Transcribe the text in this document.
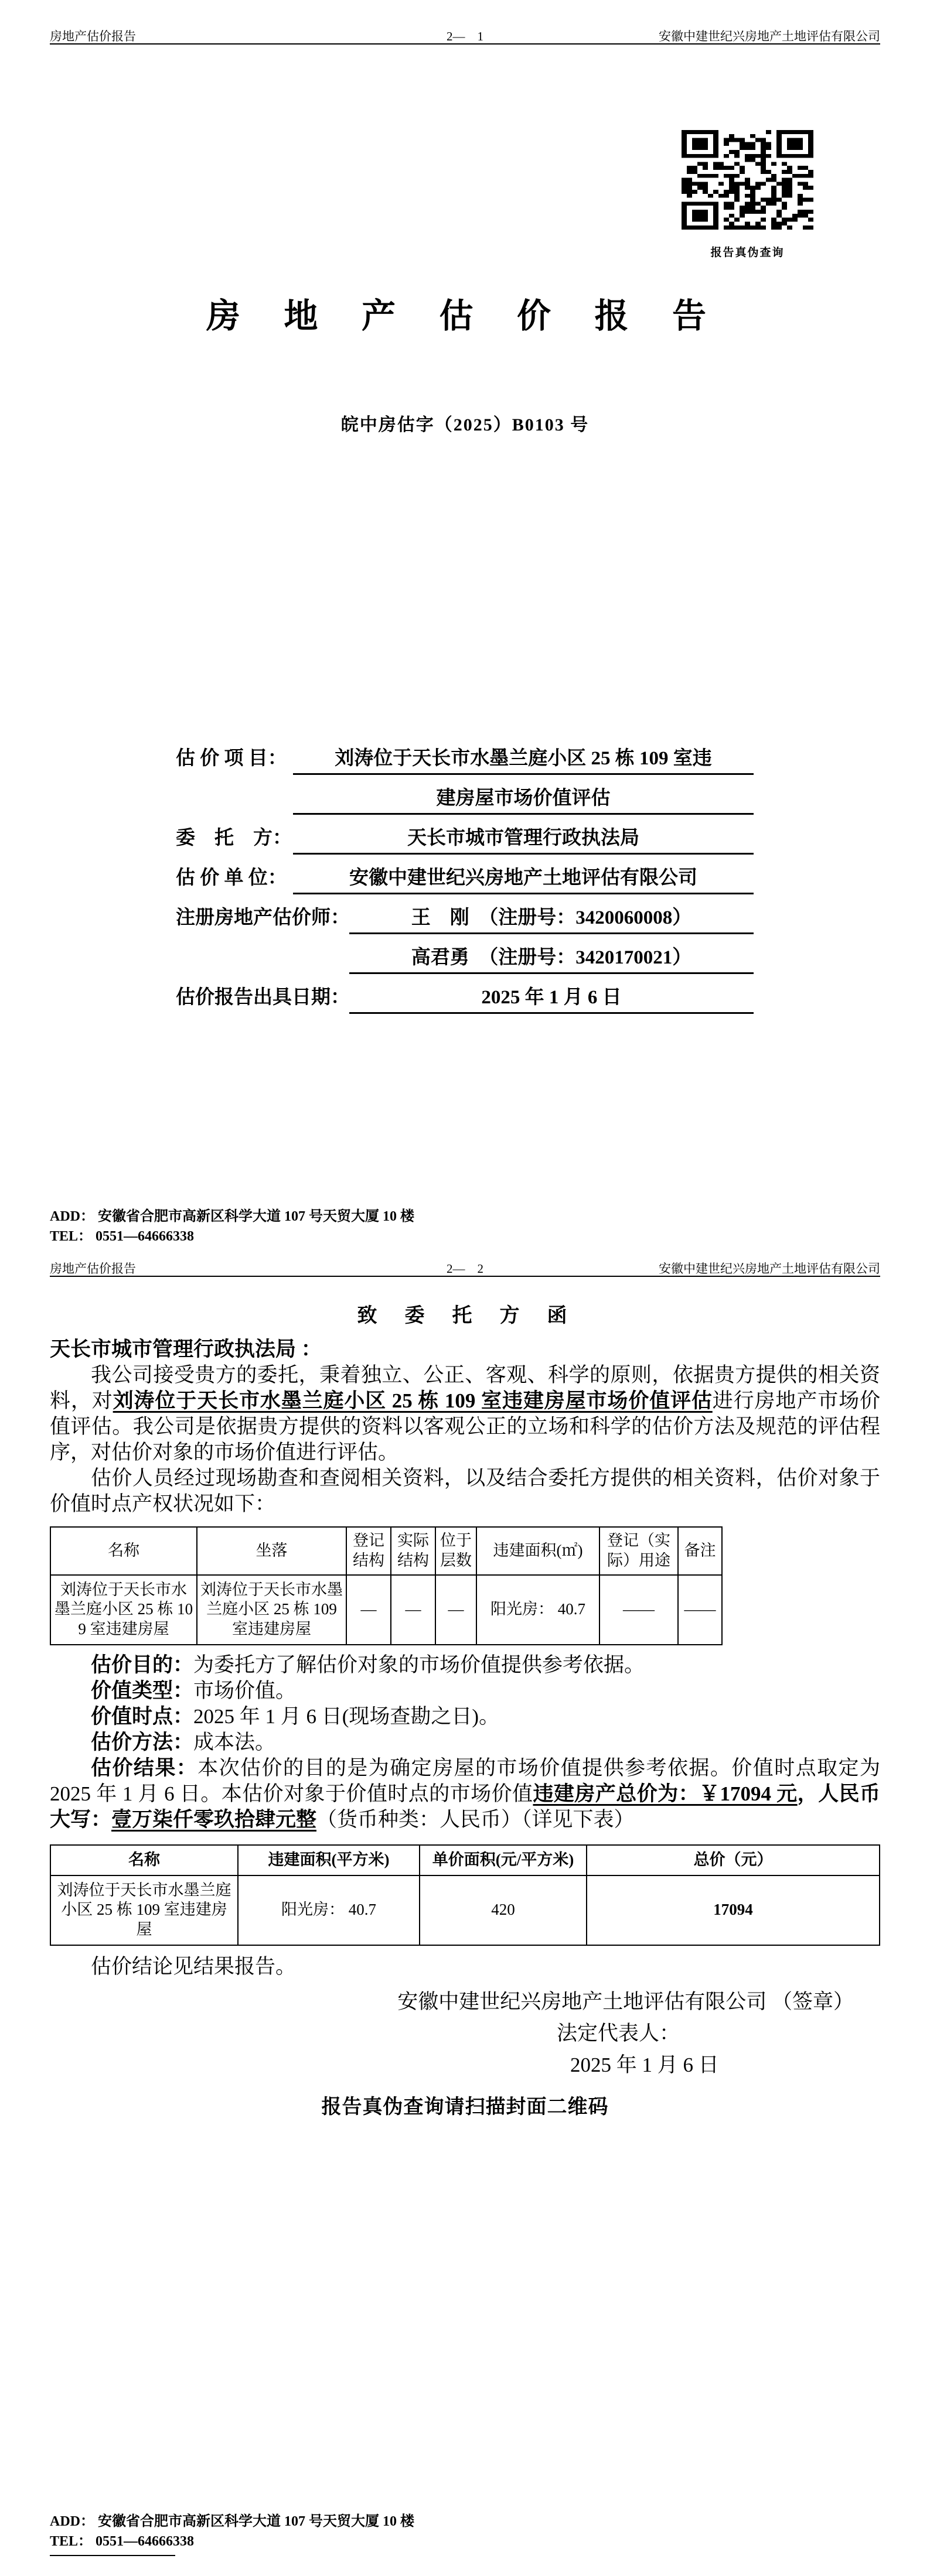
房地产估价报告	2—    1	安徽中建世纪兴房地产土地评估有限公司
报告真伪查询
房 地 产 估 价 报 告
皖中房估字（2025）B0103 号
估 价 项 目：	刘涛位于天长市水墨兰庭小区 25 栋 109 室违
建房屋市场价值评估
委　托　方：	天长市城市管理行政执法局
估 价 单 位：	安徽中建世纪兴房地产土地评估有限公司
注册房地产估价师：	王　刚　（注册号：3420060008）
高君勇　（注册号：3420170021）
估价报告出具日期：	2025 年 1 月 6 日
ADD： 安徽省合肥市高新区科学大道 107 号天贸大厦 10 楼
TEL： 0551—64666338
房地产估价报告	2—    2	安徽中建世纪兴房地产土地评估有限公司
致  委  托  方  函
天长市城市管理行政执法局 ：

我公司接受贵方的委托，秉着独立、公正、客观、科学的原则，依据贵方提供的相关资料，对刘涛位于天长市水墨兰庭小区 25 栋 109 室违建房屋市场价值评估进行房地产市场价值评估。我公司是依据贵方提供的资料以客观公正的立场和科学的估价方法及规范的评估程序，对估价对象的市场价值进行评估。

估价人员经过现场勘查和查阅相关资料，以及结合委托方提供的相关资料，估价对象于价值时点产权状况如下：

名称	坐落	登记结构	实际结构	位于层数	违建面积(㎡)	登记（实际）用途	备注
刘涛位于天长市水墨兰庭小区 25 栋 109 室违建房屋	刘涛位于天长市水墨兰庭小区 25 栋 109 室违建房屋	—	—	—	阳光房： 40.7	——	——

估价目的：为委托方了解估价对象的市场价值提供参考依据。

价值类型：市场价值。

价值时点：2025 年 1 月 6 日(现场查勘之日)。

估价方法：成本法。

估价结果：本次估价的目的是为确定房屋的市场价值提供参考依据。价值时点取定为 2025 年 1 月 6 日。本估价对象于价值时点的市场价值违建房产总价为：￥17094 元，人民币大写：壹万柒仟零玖拾肆元整（货币种类：人民币）（详见下表）

名称	违建面积(平方米)	单价面积(元/平方米)	总价（元）
刘涛位于天长市水墨兰庭小区 25 栋 109 室违建房屋	阳光房： 40.7	420	17094

估价结论见结果报告。

安徽中建世纪兴房地产土地评估有限公司 （签章）

法定代表人：

2025 年 1 月 6 日

报告真伪查询请扫描封面二维码

ADD： 安徽省合肥市高新区科学大道 107 号天贸大厦 10 楼
TEL： 0551—64666338
